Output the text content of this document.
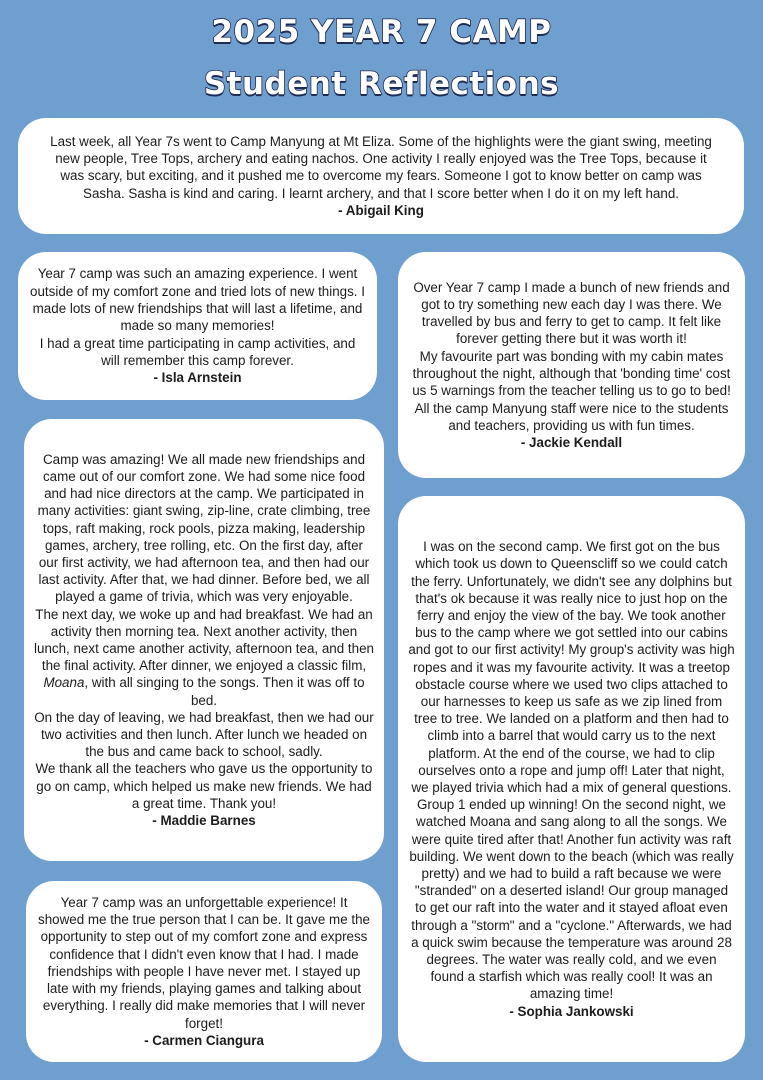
2025 YEAR 7 CAMP
Student Reflections

Last week, all Year 7s went to Camp Manyung at Mt Eliza. Some of the highlights were the giant swing, meeting new people, Tree Tops, archery and eating nachos. One activity I really enjoyed was the Tree Tops, because it was scary, but exciting, and it pushed me to overcome my fears. Someone I got to know better on camp was Sasha. Sasha is kind and caring. I learnt archery, and that I score better when I do it on my left hand.

- Abigail King

Year 7 camp was such an amazing experience. I went outside of my comfort zone and tried lots of new things. I made lots of new friendships that will last a lifetime, and made so many memories!

I had a great time participating in camp activities, and will remember this camp forever.

- Isla Arnstein

Over Year 7 camp I made a bunch of new friends and got to try something new each day I was there. We travelled by bus and ferry to get to camp. It felt like forever getting there but it was worth it!

My favourite part was bonding with my cabin mates throughout the night, although that 'bonding time' cost us 5 warnings from the teacher telling us to go to bed! All the camp Manyung staff were nice to the students and teachers, providing us with fun times.

- Jackie Kendall

Camp was amazing! We all made new friendships and came out of our comfort zone. We had some nice food and had nice directors at the camp. We participated in many activities: giant swing, zip-line, crate climbing, tree tops, raft making, rock pools, pizza making, leadership games, archery, tree rolling, etc. On the first day, after our first activity, we had afternoon tea, and then had our last activity. After that, we had dinner. Before bed, we all played a game of trivia, which was very enjoyable.

The next day, we woke up and had breakfast. We had an activity then morning tea. Next another activity, then lunch, next came another activity, afternoon tea, and then the final activity. After dinner, we enjoyed a classic film, Moana, with all singing to the songs. Then it was off to bed.

On the day of leaving, we had breakfast, then we had our two activities and then lunch. After lunch we headed on the bus and came back to school, sadly.

We thank all the teachers who gave us the opportunity to go on camp, which helped us make new friends. We had a great time. Thank you!

- Maddie Barnes

I was on the second camp. We first got on the bus which took us down to Queenscliff so we could catch the ferry. Unfortunately, we didn't see any dolphins but that's ok because it was really nice to just hop on the ferry and enjoy the view of the bay. We took another bus to the camp where we got settled into our cabins and got to our first activity! My group's activity was high ropes and it was my favourite activity. It was a treetop obstacle course where we used two clips attached to our harnesses to keep us safe as we zip lined from tree to tree. We landed on a platform and then had to climb into a barrel that would carry us to the next platform. At the end of the course, we had to clip ourselves onto a rope and jump off! Later that night, we played trivia which had a mix of general questions. Group 1 ended up winning! On the second night, we watched Moana and sang along to all the songs. We were quite tired after that! Another fun activity was raft building. We went down to the beach (which was really pretty) and we had to build a raft because we were "stranded" on a deserted island! Our group managed to get our raft into the water and it stayed afloat even through a "storm" and a "cyclone." Afterwards, we had a quick swim because the temperature was around 28 degrees. The water was really cold, and we even found a starfish which was really cool! It was an amazing time!

- Sophia Jankowski

Year 7 camp was an unforgettable experience! It showed me the true person that I can be. It gave me the opportunity to step out of my comfort zone and express confidence that I didn't even know that I had. I made friendships with people I have never met. I stayed up late with my friends, playing games and talking about everything. I really did make memories that I will never forget!

- Carmen Ciangura
